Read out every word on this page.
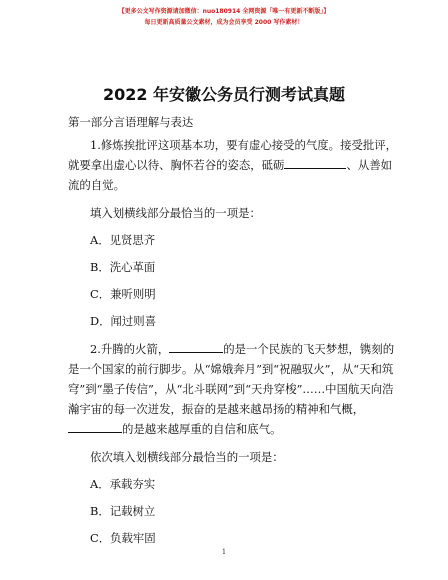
【更多公文写作资源请加微信：nuo180914 全网资源「唯一有更新不断版」】
每日更新高质量公文素材，成为会员享受 2000 写作素材！
2022 年安徽公务员行测考试真题

第一部分言语理解与表达

1.修炼挨批评这项基本功，要有虚心接受的气度。接受批评，就要拿出虚心以待、胸怀若谷的姿态，砥砺	、从善如流的自觉。

填入划横线部分最恰当的一项是：

A．见贤思齐
B．洗心革面
C．兼听则明
D．闻过则喜

2.升腾的火箭，	的是一个民族的飞天梦想，镌刻的是一个国家的前行脚步。从“嫦娥奔月”到“祝融驭火”，从“天和筑穹”到“墨子传信”，从“北斗联网”到“天舟穿梭”……中国航天向浩瀚宇宙的每一次迸发，振奋的是越来越昂扬的精神和气概，的是越来越厚重的自信和底气。

依次填入划横线部分最恰当的一项是：

A．承载夯实
B．记载树立
C．负载牢固
1
